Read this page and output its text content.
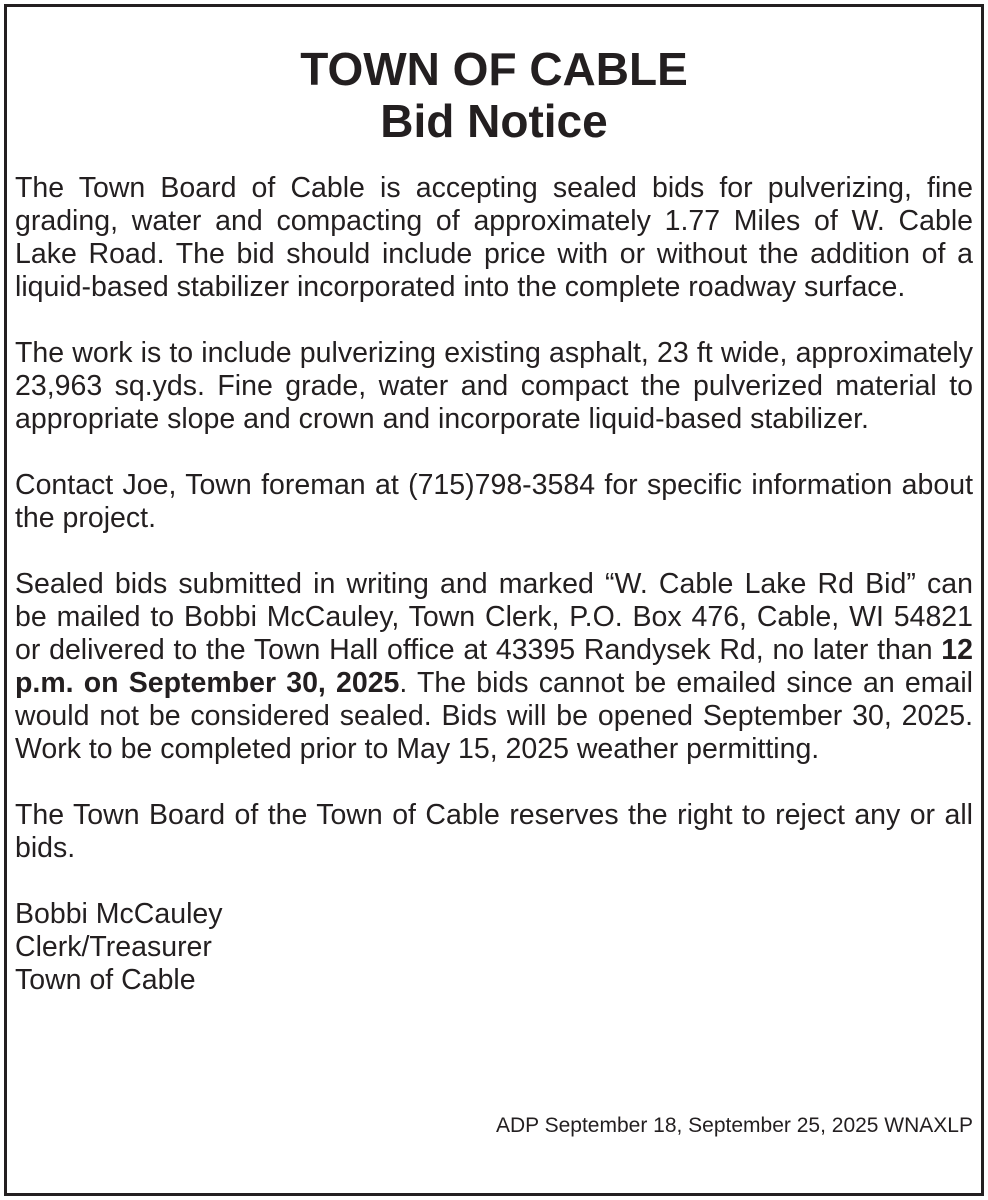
TOWN OF CABLE
Bid Notice

The Town Board of Cable is accepting sealed bids for pulverizing, fine grading, water and compacting of approximately 1.77 Miles of W. Cable Lake Road. The bid should include price with or without the addition of a liquid-based stabilizer incorporated into the complete roadway surface.

The work is to include pulverizing existing asphalt, 23 ft wide, approximately 23,963 sq.yds. Fine grade, water and compact the pulverized material to appropriate slope and crown and incorporate liquid-based stabilizer.

Contact Joe, Town foreman at (715)798-3584 for specific information about the project.

Sealed bids submitted in writing and marked “W. Cable Lake Rd Bid” can be mailed to Bobbi McCauley, Town Clerk, P.O. Box 476, Cable, WI 54821 or delivered to the Town Hall office at 43395 Randysek Rd, no later than 12 p.m. on September 30, 2025. The bids cannot be emailed since an email would not be considered sealed. Bids will be opened September 30, 2025. Work to be completed prior to May 15, 2025 weather permitting.

The Town Board of the Town of Cable reserves the right to reject any or all bids.

Bobbi McCauley
Clerk/Treasurer
Town of Cable
ADP September 18, September 25, 2025 WNAXLP
